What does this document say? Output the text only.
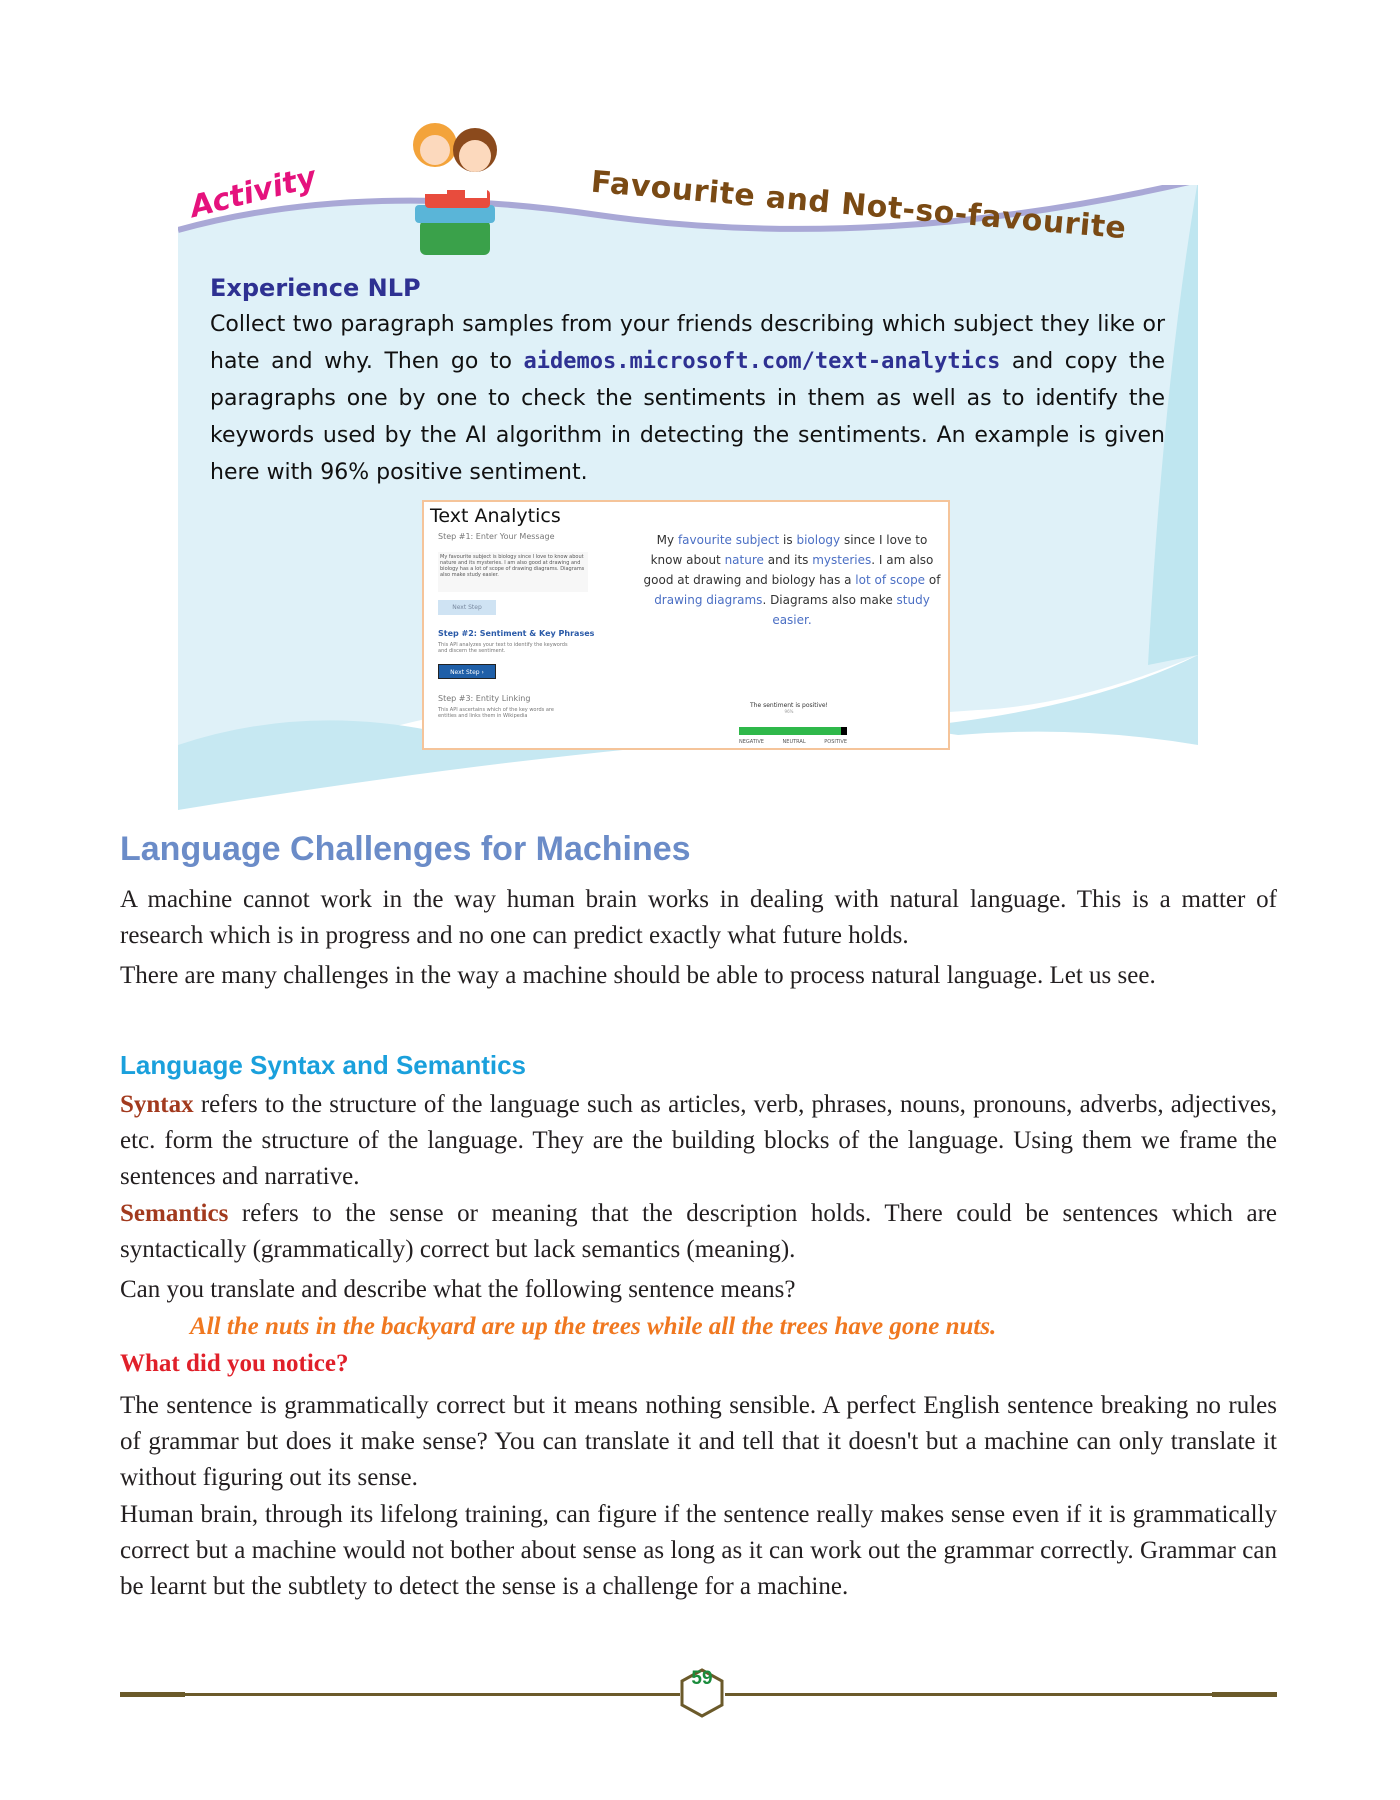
Activity	Favourite and Not-so-favourite
Experience NLP
Collect two paragraph samples from your friends describing which subject they like or hate and why. Then go to aidemos.microsoft.com/text-analytics and copy the paragraphs one by one to check the sentiments in them as well as to identify the keywords used by the AI algorithm in detecting the sentiments. An example is given here with 96% positive sentiment.
Text Analytics
Step #1: Enter Your Message
My favourite subject is biology since I love to know about nature and its mysteries. I am also good at drawing and biology has a lot of scope of drawing diagrams. Diagrams also make study easier.
Next Step
Step #2: Sentiment & Key Phrases
This API analyzes your text to identify the keywords and discern the sentiment.
Next Step ›
Step #3: Entity Linking
This API ascertains which of the key words are entities and links them in Wikipedia
My favourite subject is biology since I love to know about nature and its mysteries. I am also good at drawing and biology has a lot of scope of drawing diagrams. Diagrams also make study easier.
The sentiment is positive!
96%
NEGATIVE	NEUTRAL	POSITIVE
Language Challenges for Machines
A machine cannot work in the way human brain works in dealing with natural language. This is a matter of research which is in progress and no one can predict exactly what future holds.
There are many challenges in the way a machine should be able to process natural language. Let us see.
Language Syntax and Semantics
Syntax refers to the structure of the language such as articles, verb, phrases, nouns, pronouns, adverbs, adjectives, etc. form the structure of the language. They are the building blocks of the language. Using them we frame the sentences and narrative.
Semantics refers to the sense or meaning that the description holds. There could be sentences which are syntactically (grammatically) correct but lack semantics (meaning).
Can you translate and describe what the following sentence means?
All the nuts in the backyard are up the trees while all the trees have gone nuts.
What did you notice?
The sentence is grammatically correct but it means nothing sensible. A perfect English sentence breaking no rules of grammar but does it make sense? You can translate it and tell that it doesn't but a machine can only translate it without figuring out its sense.
Human brain, through its lifelong training, can figure if the sentence really makes sense even if it is grammatically correct but a machine would not bother about sense as long as it can work out the grammar correctly. Grammar can be learnt but the subtlety to detect the sense is a challenge for a machine.
59
